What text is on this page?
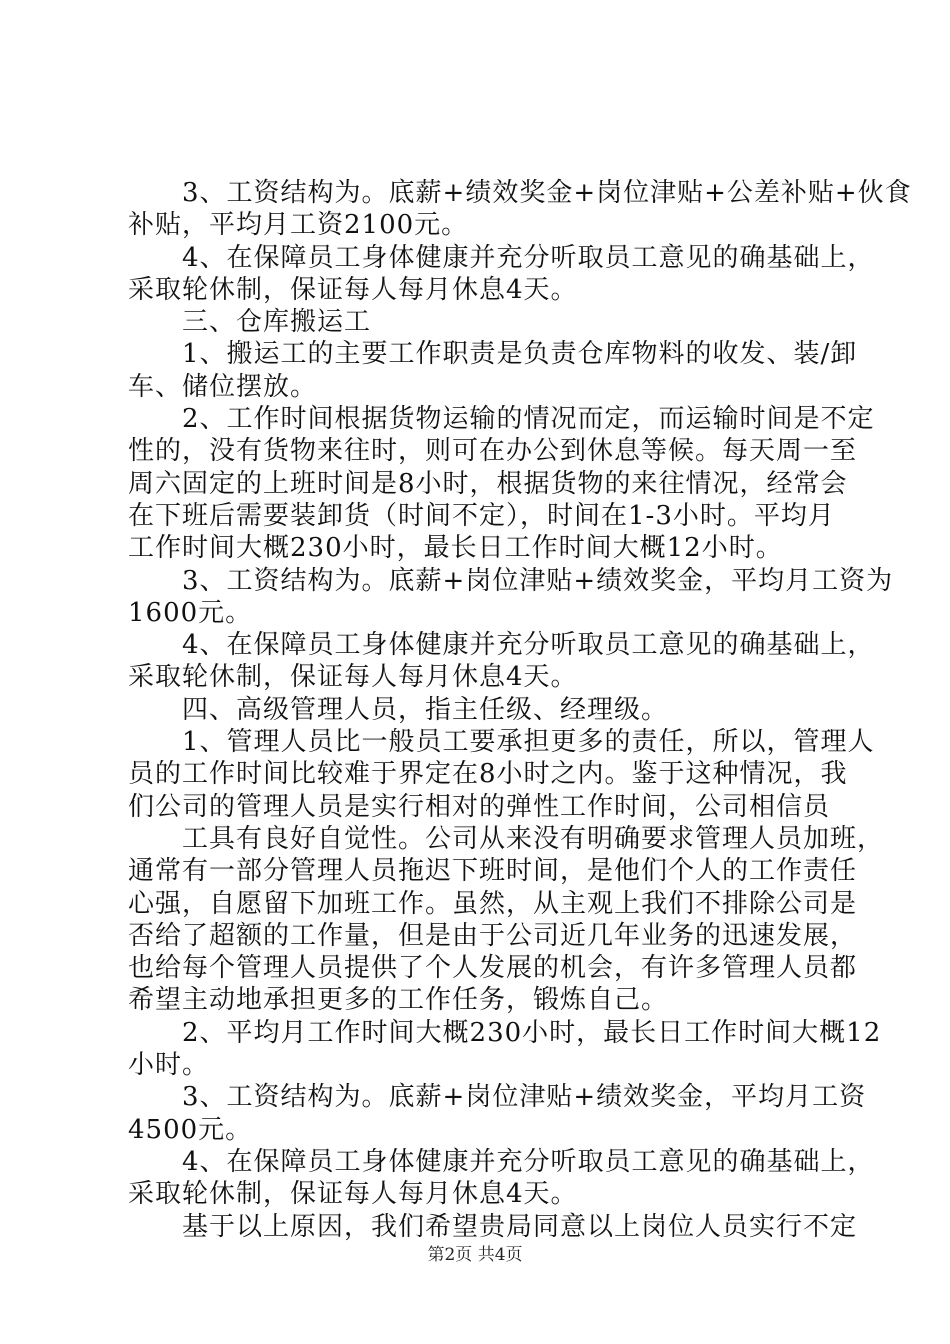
　　3、工资结构为。底薪+绩效奖金+岗位津贴+公差补贴+伙食
补贴，平均月工资2100元。
　　4、在保障员工身体健康并充分听取员工意见的确基础上，
采取轮休制，保证每人每月休息4天。
　　三、仓库搬运工
　　1、搬运工的主要工作职责是负责仓库物料的收发、装/卸
车、储位摆放。
　　2、工作时间根据货物运输的情况而定，而运输时间是不定
性的，没有货物来往时，则可在办公到休息等候。每天周一至
周六固定的上班时间是8小时，根据货物的来往情况，经常会
在下班后需要装卸货（时间不定），时间在1-3小时。平均月
工作时间大概230小时，最长日工作时间大概12小时。
　　3、工资结构为。底薪+岗位津贴+绩效奖金，平均月工资为
1600元。
　　4、在保障员工身体健康并充分听取员工意见的确基础上，
采取轮休制，保证每人每月休息4天。
　　四、高级管理人员，指主任级、经理级。
　　1、管理人员比一般员工要承担更多的责任，所以，管理人
员的工作时间比较难于界定在8小时之内。鉴于这种情况，我
们公司的管理人员是实行相对的弹性工作时间，公司相信员
　　工具有良好自觉性。公司从来没有明确要求管理人员加班，
通常有一部分管理人员拖迟下班时间，是他们个人的工作责任
心强，自愿留下加班工作。虽然，从主观上我们不排除公司是
否给了超额的工作量，但是由于公司近几年业务的迅速发展，
也给每个管理人员提供了个人发展的机会，有许多管理人员都
希望主动地承担更多的工作任务，锻炼自己。
　　2、平均月工作时间大概230小时，最长日工作时间大概12
小时。
　　3、工资结构为。底薪+岗位津贴+绩效奖金，平均月工资
4500元。
　　4、在保障员工身体健康并充分听取员工意见的确基础上，
采取轮休制，保证每人每月休息4天。
　　基于以上原因，我们希望贵局同意以上岗位人员实行不定
第2页 共4页
